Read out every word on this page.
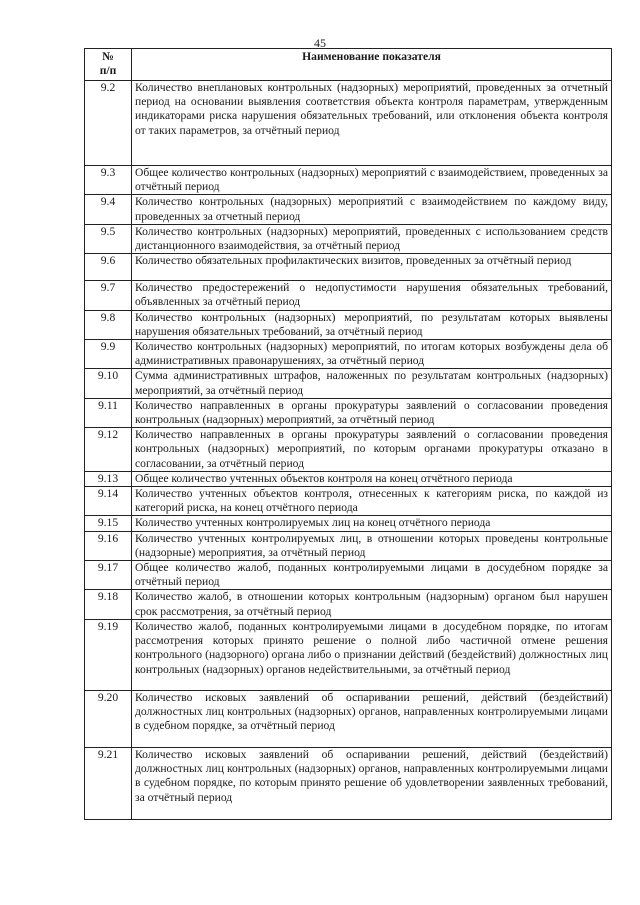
45
№
п/п	Наименование показателя
9.2	Количество внеплановых контрольных (надзорных) мероприятий, проведенных за отчетный период на основании выявления соответствия объекта контроля параметрам, утвержденным индикаторами риска нарушения обязательных требований, или отклонения объекта контроля от таких параметров, за отчётный период
9.3	Общее количество контрольных (надзорных) мероприятий с взаимодействием, проведенных за отчётный период
9.4	Количество контрольных (надзорных) мероприятий с взаимодействием по каждому виду, проведенных за отчетный период
9.5	Количество контрольных (надзорных) мероприятий, проведенных с использованием средств дистанционного взаимодействия, за отчётный период
9.6	Количество обязательных профилактических визитов, проведенных за отчётный период
9.7	Количество предостережений о недопустимости нарушения обязательных требований, объявленных за отчётный период
9.8	Количество контрольных (надзорных) мероприятий, по результатам которых выявлены нарушения обязательных требований, за отчётный период
9.9	Количество контрольных (надзорных) мероприятий, по итогам которых возбуждены дела об административных правонарушениях, за отчётный период
9.10	Сумма административных штрафов, наложенных по результатам контрольных (надзорных) мероприятий, за отчётный период
9.11	Количество направленных в органы прокуратуры заявлений о согласовании проведения контрольных (надзорных) мероприятий, за отчётный период
9.12	Количество направленных в органы прокуратуры заявлений о согласовании проведения контрольных (надзорных) мероприятий, по которым органами прокуратуры отказано в согласовании, за отчётный период
9.13	Общее количество учтенных объектов контроля на конец отчётного периода
9.14	Количество учтенных объектов контроля, отнесенных к категориям риска, по каждой из категорий риска, на конец отчётного периода
9.15	Количество учтенных контролируемых лиц на конец отчётного периода
9.16	Количество учтенных контролируемых лиц, в отношении которых проведены контрольные (надзорные) мероприятия, за отчётный период
9.17	Общее количество жалоб, поданных контролируемыми лицами в досудебном порядке за отчётный период
9.18	Количество жалоб, в отношении которых контрольным (надзорным) органом был нарушен срок рассмотрения, за отчётный период
9.19	Количество жалоб, поданных контролируемыми лицами в досудебном порядке, по итогам рассмотрения которых принято решение о полной либо частичной отмене решения контрольного (надзорного) органа либо о признании действий (бездействий) должностных лиц контрольных (надзорных) органов недействительными, за отчётный период
9.20	Количество исковых заявлений об оспаривании решений, действий (бездействий) должностных лиц контрольных (надзорных) органов, направленных контролируемыми лицами в судебном порядке, за отчётный период
9.21	Количество исковых заявлений об оспаривании решений, действий (бездействий) должностных лиц контрольных (надзорных) органов, направленных контролируемыми лицами в судебном порядке, по которым принято решение об удовлетворении заявленных требований, за отчётный период
